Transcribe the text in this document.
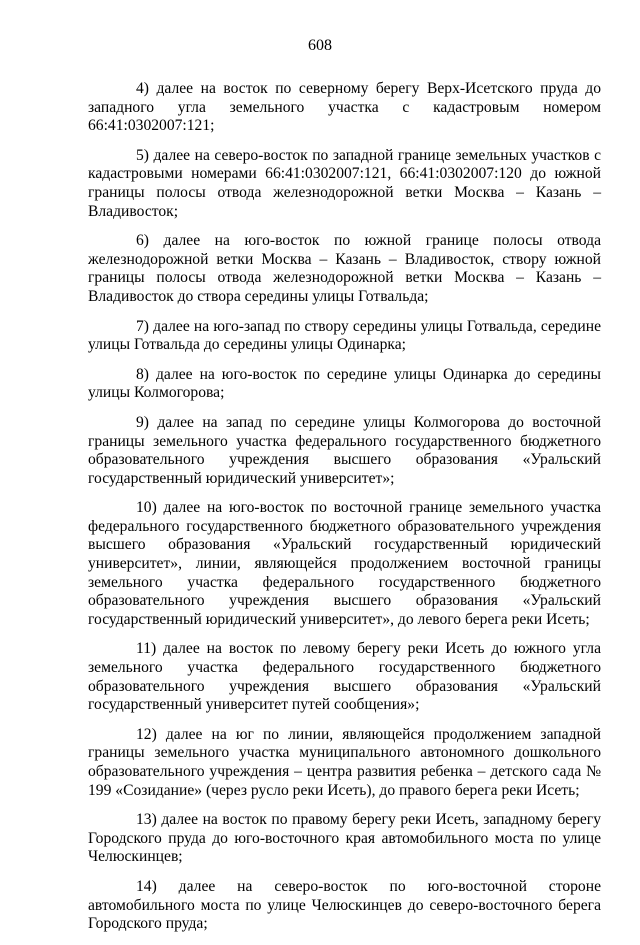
608

4) далее на восток по северному берегу Верх-Исетского пруда до западного угла земельного участка с кадастровым номером 66:41:0302007:121;

5) далее на северо-восток по западной границе земельных участков с кадастровыми номерами 66:41:0302007:121, 66:41:0302007:120 до южной границы полосы отвода железнодорожной ветки Москва – Казань – Владивосток;

6) далее на юго-восток по южной границе полосы отвода железнодорожной ветки Москва – Казань – Владивосток, створу южной границы полосы отвода железнодорожной ветки Москва – Казань – Владивосток до створа середины улицы Готвальда;

7) далее на юго-запад по створу середины улицы Готвальда, середине улицы Готвальда до середины улицы Одинарка;

8) далее на юго-восток по середине улицы Одинарка до середины улицы Колмогорова;

9) далее на запад по середине улицы Колмогорова до восточной границы земельного участка федерального государственного бюджетного образовательного учреждения высшего образования «Уральский государственный юридический университет»;

10) далее на юго-восток по восточной границе земельного участка федерального государственного бюджетного образовательного учреждения высшего образования «Уральский государственный юридический университет», линии, являющейся продолжением восточной границы земельного участка федерального государственного бюджетного образовательного учреждения высшего образования «Уральский государственный юридический университет», до левого берега реки Исеть;

11) далее на восток по левому берегу реки Исеть до южного угла земельного участка федерального государственного бюджетного образовательного учреждения высшего образования «Уральский государственный университет путей сообщения»;

12) далее на юг по линии, являющейся продолжением западной границы земельного участка муниципального автономного дошкольного образовательного учреждения – центра развития ребенка – детского сада № 199 «Созидание» (через русло реки Исеть), до правого берега реки Исеть;

13) далее на восток по правому берегу реки Исеть, западному берегу Городского пруда до юго-восточного края автомобильного моста по улице Челюскинцев;

14) далее на северо-восток по юго-восточной стороне автомобильного моста по улице Челюскинцев до северо-восточного берега Городского пруда;
